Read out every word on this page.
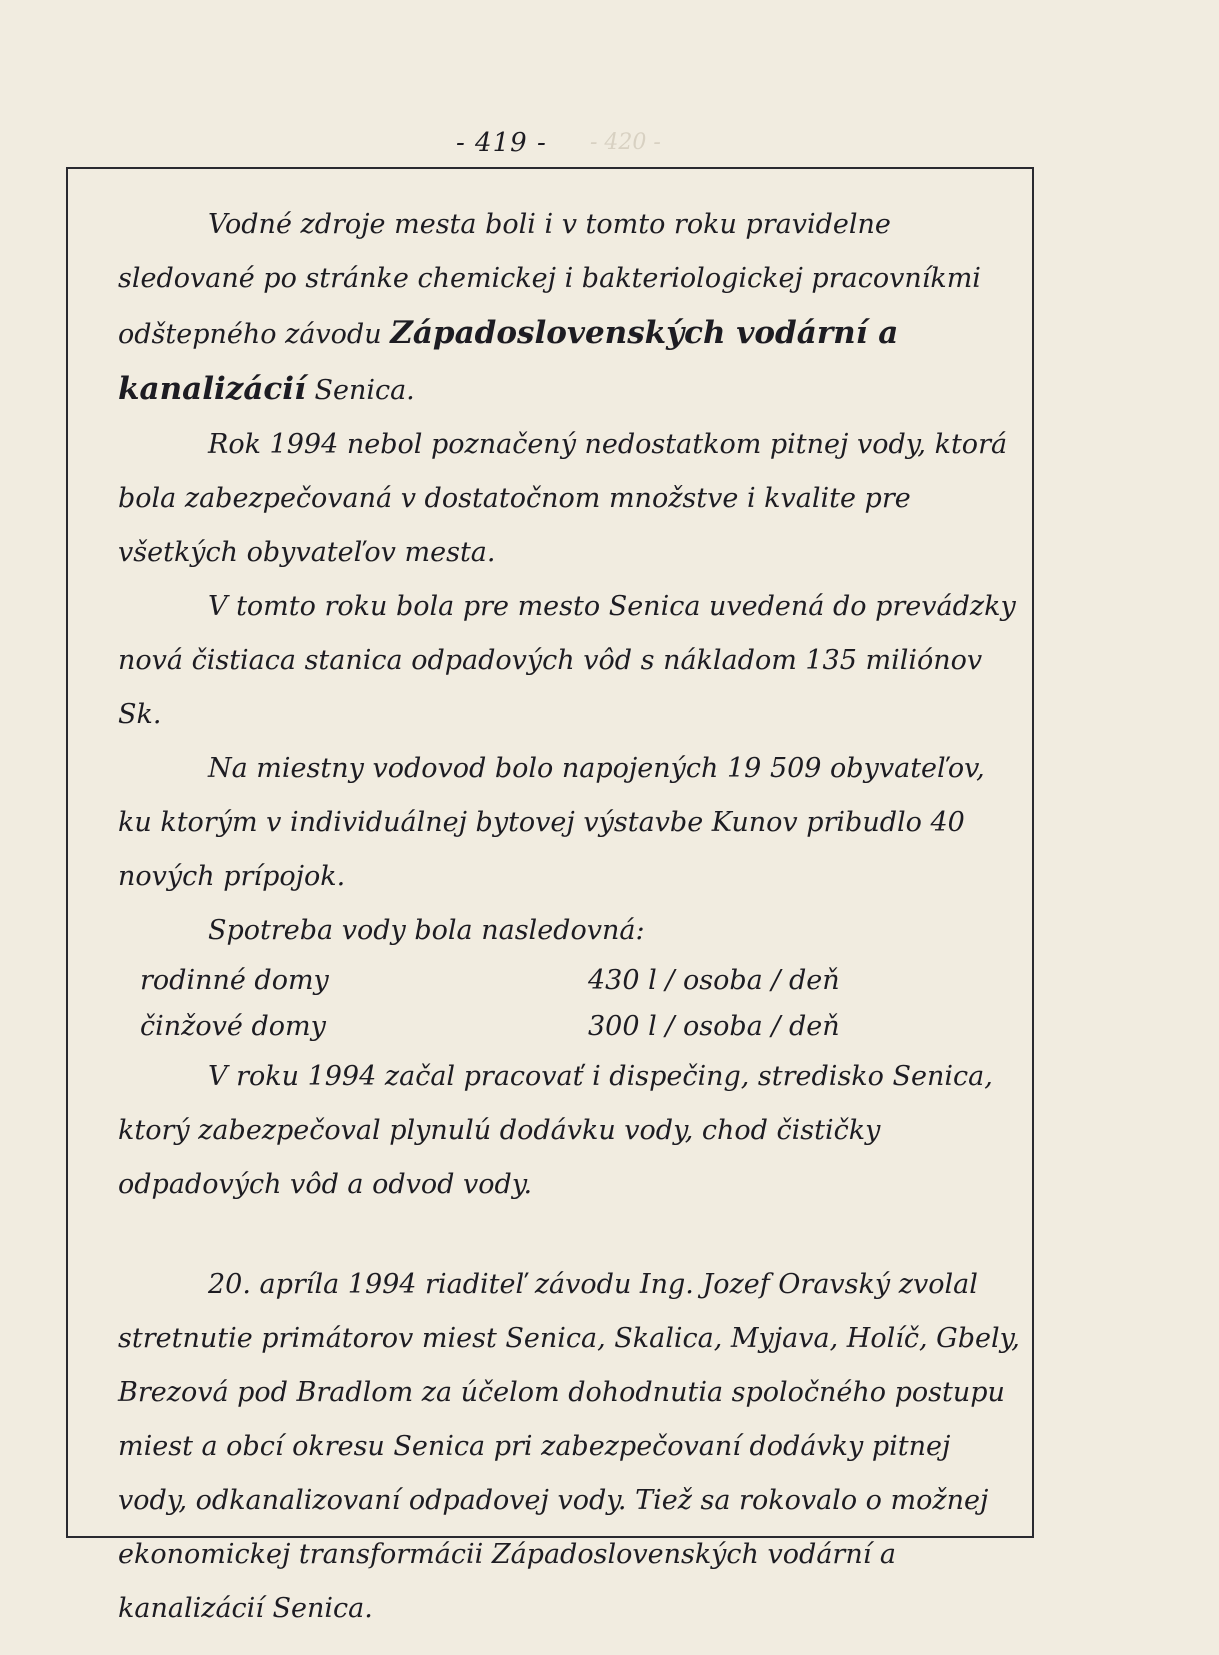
- 419 - - 420 -

Vodné zdroje mesta boli i v tomto roku pravidelne sledované po stránke chemickej i bakteriologickej pracovníkmi odštepného závodu Západoslovenských vodární a kanalizácií Senica.

Rok 1994 nebol poznačený nedostatkom pitnej vody, ktorá bola zabezpečovaná v dostatočnom množstve i kvalite pre všetkých obyvateľov mesta.

V tomto roku bola pre mesto Senica uvedená do prevádzky nová čistiaca stanica odpadových vôd s nákladom 135 miliónov Sk.

Na miestny vodovod bolo napojených 19 509 obyvateľov, ku ktorým v individuálnej bytovej výstavbe Kunov pribudlo 40 nových prípojok.

Spotreba vody bola nasledovná:

rodinné domy	430 l / osoba / deň
činžové domy	300 l / osoba / deň

V roku 1994 začal pracovať i dispečing, stredisko Senica, ktorý zabezpečoval plynulú dodávku vody, chod čističky odpadových vôd a odvod vody.

20. apríla 1994 riaditeľ závodu Ing. Jozef Oravský zvolal stretnutie primátorov miest Senica, Skalica, Myjava, Holíč, Gbely, Brezová pod Bradlom za účelom dohodnutia spoločného postupu miest a obcí okresu Senica pri zabezpečovaní dodávky pitnej vody, odkanalizovaní odpadovej vody. Tiež sa rokovalo o možnej ekonomickej transformácii Západoslovenských vodární a kanalizácií Senica.
